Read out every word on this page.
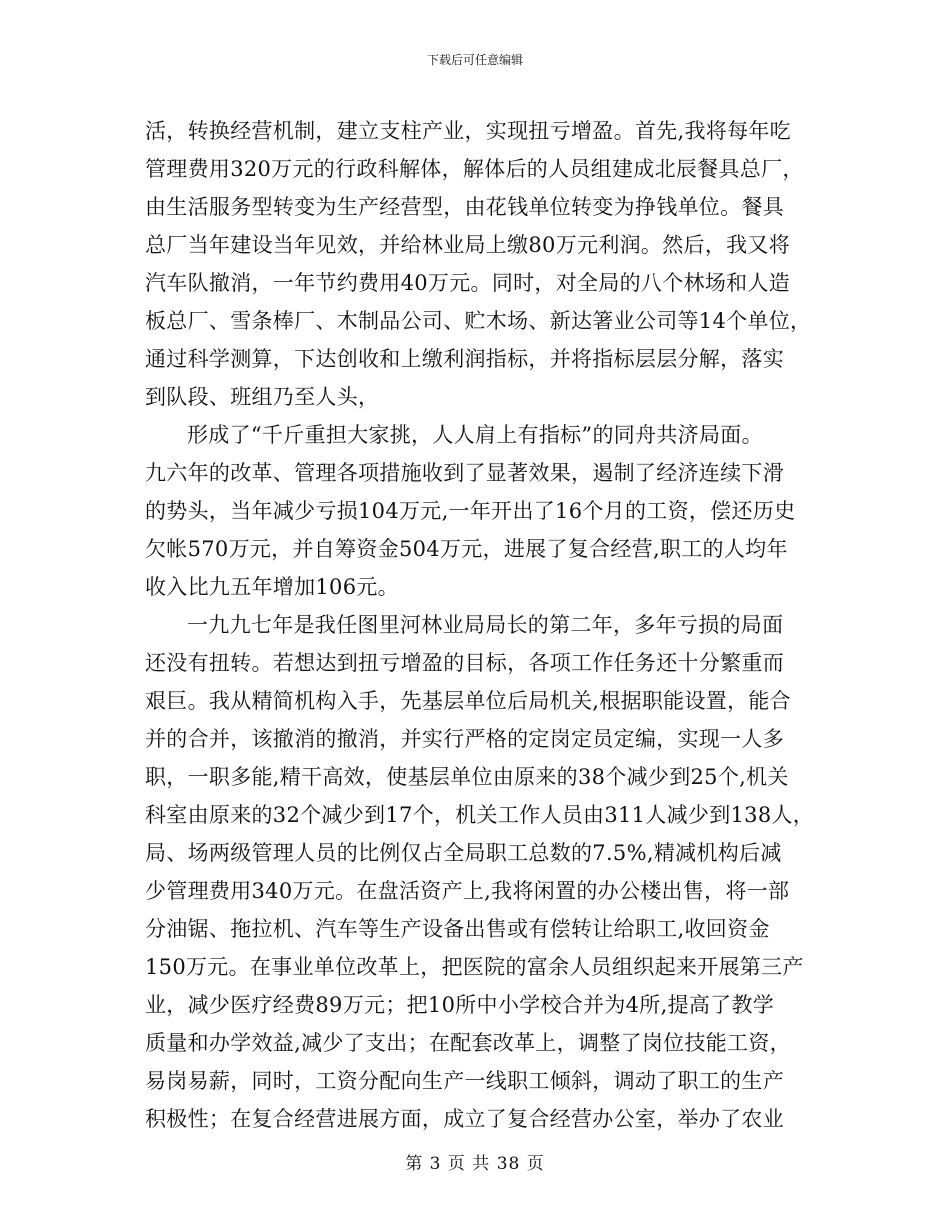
下载后可任意编辑
活，转换经营机制，建立支柱产业，实现扭亏增盈。首先,我将每年吃
管理费用320万元的行政科解体，解体后的人员组建成北辰餐具总厂，
由生活服务型转变为生产经营型，由花钱单位转变为挣钱单位。餐具
总厂当年建设当年见效，并给林业局上缴80万元利润。然后，我又将
汽车队撤消，一年节约费用40万元。同时，对全局的八个林场和人造
板总厂、雪条棒厂、木制品公司、贮木场、新达箸业公司等14个单位，
通过科学测算，下达创收和上缴利润指标，并将指标层层分解，落实
到队段、班组乃至人头，
形成了“千斤重担大家挑，人人肩上有指标”的同舟共济局面。
九六年的改革、管理各项措施收到了显著效果，遏制了经济连续下滑
的势头，当年减少亏损104万元,一年开出了16个月的工资，偿还历史
欠帐570万元，并自筹资金504万元，进展了复合经营,职工的人均年
收入比九五年增加106元。
一九九七年是我任图里河林业局局长的第二年，多年亏损的局面
还没有扭转。若想达到扭亏增盈的目标，各项工作任务还十分繁重而
艰巨。我从精简机构入手，先基层单位后局机关,根据职能设置，能合
并的合并，该撤消的撤消，并实行严格的定岗定员定编，实现一人多
职，一职多能,精干高效，使基层单位由原来的38个减少到25个,机关
科室由原来的32个减少到17个，机关工作人员由311人减少到138人，
局、场两级管理人员的比例仅占全局职工总数的7.5%,精减机构后减
少管理费用340万元。在盘活资产上,我将闲置的办公楼出售，将一部
分油锯、拖拉机、汽车等生产设备出售或有偿转让给职工,收回资金
150万元。在事业单位改革上，把医院的富余人员组织起来开展第三产
业，减少医疗经费89万元；把10所中小学校合并为4所,提高了教学
质量和办学效益,减少了支出；在配套改革上，调整了岗位技能工资，
易岗易薪，同时，工资分配向生产一线职工倾斜，调动了职工的生产
积极性；在复合经营进展方面，成立了复合经营办公室，举办了农业
第 3 页 共 38 页
